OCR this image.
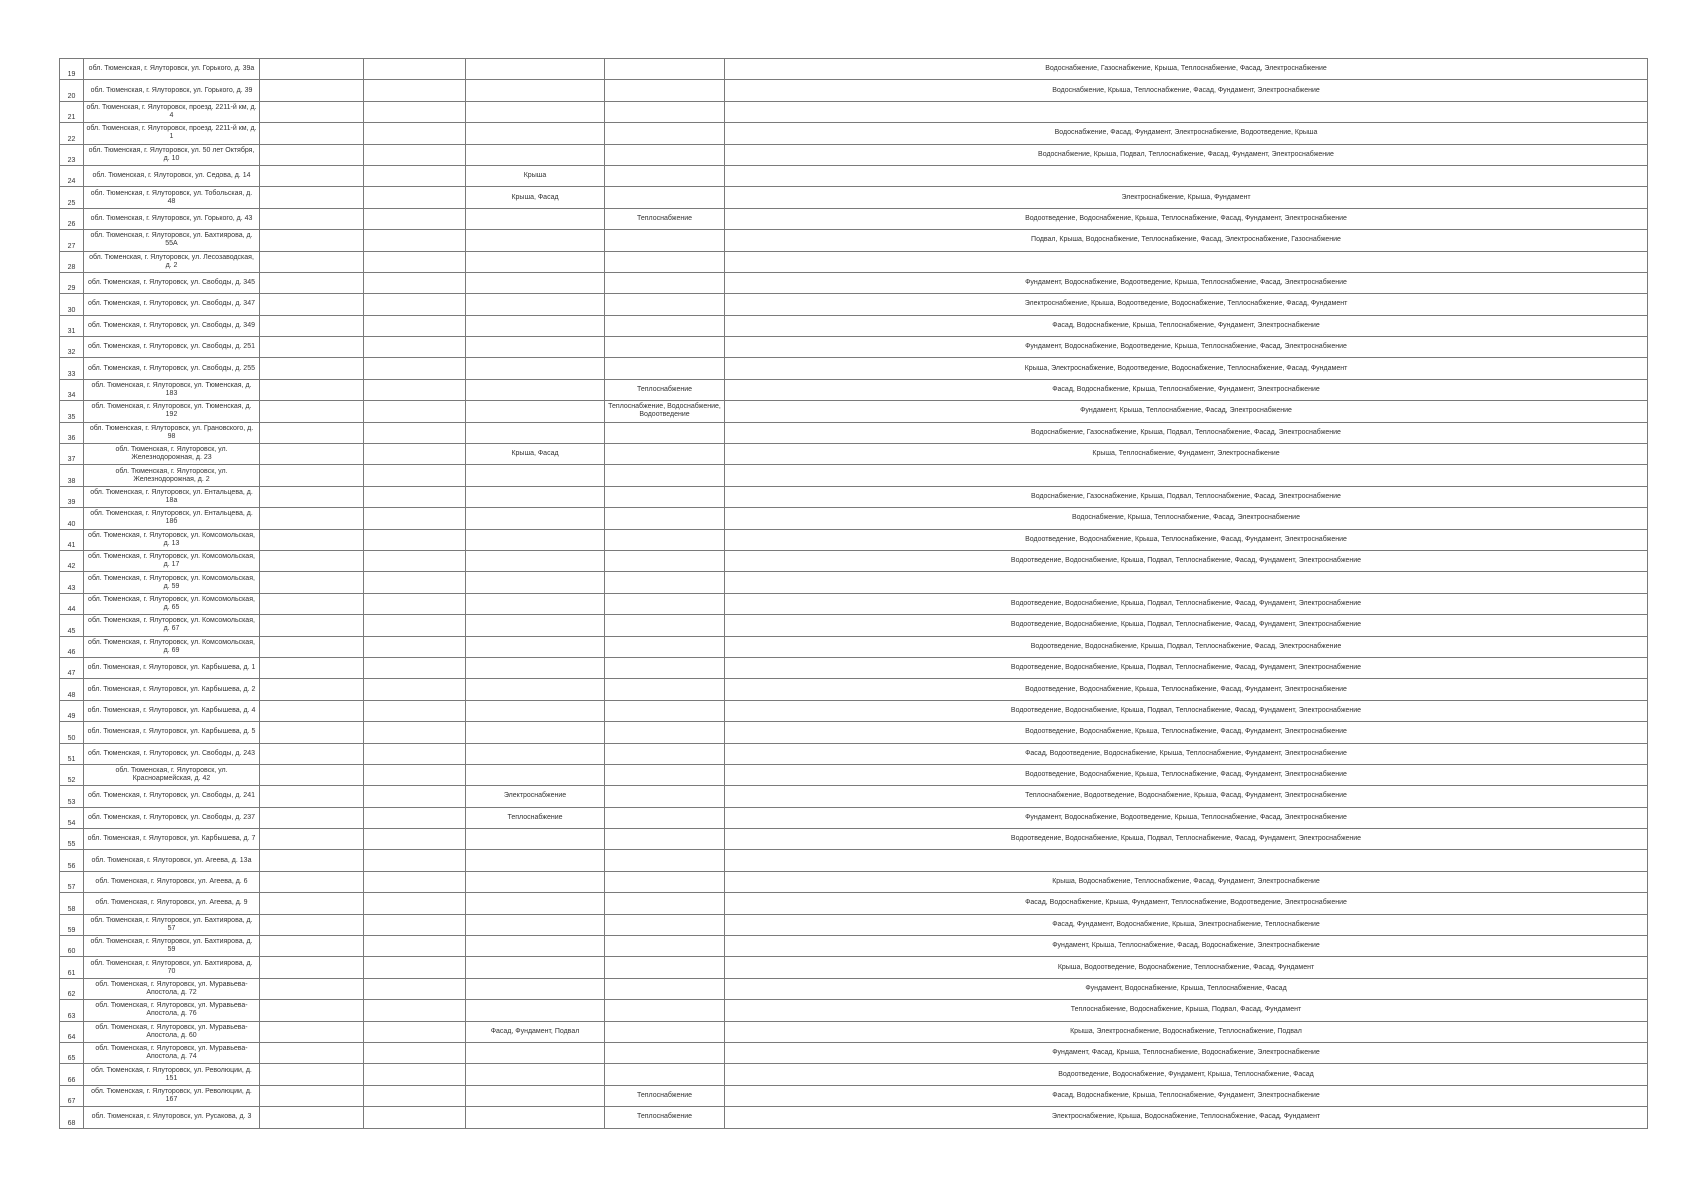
19	обл. Тюменская, г. Ялуторовск, ул. Горького, д. 39а					Водоснабжение, Газоснабжение, Крыша, Теплоснабжение, Фасад, Электроснабжение
20	обл. Тюменская, г. Ялуторовск, ул. Горького, д. 39					Водоснабжение, Крыша, Теплоснабжение, Фасад, Фундамент, Электроснабжение
21	обл. Тюменская, г. Ялуторовск, проезд. 2211-й км, д. 4					
22	обл. Тюменская, г. Ялуторовск, проезд. 2211-й км, д. 1					Водоснабжение, Фасад, Фундамент, Электроснабжение, Водоотведение, Крыша
23	обл. Тюменская, г. Ялуторовск, ул. 50 лет Октября, д. 10					Водоснабжение, Крыша, Подвал, Теплоснабжение, Фасад, Фундамент, Электроснабжение
24	обл. Тюменская, г. Ялуторовск, ул. Седова, д. 14			Крыша		
25	обл. Тюменская, г. Ялуторовск, ул. Тобольская, д. 48			Крыша, Фасад		Электроснабжение, Крыша, Фундамент
26	обл. Тюменская, г. Ялуторовск, ул. Горького, д. 43				Теплоснабжение	Водоотведение, Водоснабжение, Крыша, Теплоснабжение, Фасад, Фундамент, Электроснабжение
27	обл. Тюменская, г. Ялуторовск, ул. Бахтиярова, д. 55А					Подвал, Крыша, Водоснабжение, Теплоснабжение, Фасад, Электроснабжение, Газоснабжение
28	обл. Тюменская, г. Ялуторовск, ул. Лесозаводская, д. 2					
29	обл. Тюменская, г. Ялуторовск, ул. Свободы, д. 345					Фундамент, Водоснабжение, Водоотведение, Крыша, Теплоснабжение, Фасад, Электроснабжение
30	обл. Тюменская, г. Ялуторовск, ул. Свободы, д. 347					Электроснабжение, Крыша, Водоотведение, Водоснабжение, Теплоснабжение, Фасад, Фундамент
31	обл. Тюменская, г. Ялуторовск, ул. Свободы, д. 349					Фасад, Водоснабжение, Крыша, Теплоснабжение, Фундамент, Электроснабжение
32	обл. Тюменская, г. Ялуторовск, ул. Свободы, д. 251					Фундамент, Водоснабжение, Водоотведение, Крыша, Теплоснабжение, Фасад, Электроснабжение
33	обл. Тюменская, г. Ялуторовск, ул. Свободы, д. 255					Крыша, Электроснабжение, Водоотведение, Водоснабжение, Теплоснабжение, Фасад, Фундамент
34	обл. Тюменская, г. Ялуторовск, ул. Тюменская, д. 183				Теплоснабжение	Фасад, Водоснабжение, Крыша, Теплоснабжение, Фундамент, Электроснабжение
35	обл. Тюменская, г. Ялуторовск, ул. Тюменская, д. 192				Теплоснабжение, Водоснабжение, Водоотведение	Фундамент, Крыша, Теплоснабжение, Фасад, Электроснабжение
36	обл. Тюменская, г. Ялуторовск, ул. Грановского, д. 98					Водоснабжение, Газоснабжение, Крыша, Подвал, Теплоснабжение, Фасад, Электроснабжение
37	обл. Тюменская, г. Ялуторовск, ул. Железнодорожная, д. 23			Крыша, Фасад		Крыша, Теплоснабжение, Фундамент, Электроснабжение
38	обл. Тюменская, г. Ялуторовск, ул. Железнодорожная, д. 2					
39	обл. Тюменская, г. Ялуторовск, ул. Ентальцева, д. 18а					Водоснабжение, Газоснабжение, Крыша, Подвал, Теплоснабжение, Фасад, Электроснабжение
40	обл. Тюменская, г. Ялуторовск, ул. Ентальцева, д. 18б					Водоснабжение, Крыша, Теплоснабжение, Фасад, Электроснабжение
41	обл. Тюменская, г. Ялуторовск, ул. Комсомольская, д. 13					Водоотведение, Водоснабжение, Крыша, Теплоснабжение, Фасад, Фундамент, Электроснабжение
42	обл. Тюменская, г. Ялуторовск, ул. Комсомольская, д. 17					Водоотведение, Водоснабжение, Крыша, Подвал, Теплоснабжение, Фасад, Фундамент, Электроснабжение
43	обл. Тюменская, г. Ялуторовск, ул. Комсомольская, д. 59					
44	обл. Тюменская, г. Ялуторовск, ул. Комсомольская, д. 65					Водоотведение, Водоснабжение, Крыша, Подвал, Теплоснабжение, Фасад, Фундамент, Электроснабжение
45	обл. Тюменская, г. Ялуторовск, ул. Комсомольская, д. 67					Водоотведение, Водоснабжение, Крыша, Подвал, Теплоснабжение, Фасад, Фундамент, Электроснабжение
46	обл. Тюменская, г. Ялуторовск, ул. Комсомольская, д. 69					Водоотведение, Водоснабжение, Крыша, Подвал, Теплоснабжение, Фасад, Электроснабжение
47	обл. Тюменская, г. Ялуторовск, ул. Карбышева, д. 1					Водоотведение, Водоснабжение, Крыша, Подвал, Теплоснабжение, Фасад, Фундамент, Электроснабжение
48	обл. Тюменская, г. Ялуторовск, ул. Карбышева, д. 2					Водоотведение, Водоснабжение, Крыша, Теплоснабжение, Фасад, Фундамент, Электроснабжение
49	обл. Тюменская, г. Ялуторовск, ул. Карбышева, д. 4					Водоотведение, Водоснабжение, Крыша, Подвал, Теплоснабжение, Фасад, Фундамент, Электроснабжение
50	обл. Тюменская, г. Ялуторовск, ул. Карбышева, д. 5					Водоотведение, Водоснабжение, Крыша, Теплоснабжение, Фасад, Фундамент, Электроснабжение
51	обл. Тюменская, г. Ялуторовск, ул. Свободы, д. 243					Фасад, Водоотведение, Водоснабжение, Крыша, Теплоснабжение, Фундамент, Электроснабжение
52	обл. Тюменская, г. Ялуторовск, ул. Красноармейская, д. 42					Водоотведение, Водоснабжение, Крыша, Теплоснабжение, Фасад, Фундамент, Электроснабжение
53	обл. Тюменская, г. Ялуторовск, ул. Свободы, д. 241			Электроснабжение		Теплоснабжение, Водоотведение, Водоснабжение, Крыша, Фасад, Фундамент, Электроснабжение
54	обл. Тюменская, г. Ялуторовск, ул. Свободы, д. 237			Теплоснабжение		Фундамент, Водоснабжение, Водоотведение, Крыша, Теплоснабжение, Фасад, Электроснабжение
55	обл. Тюменская, г. Ялуторовск, ул. Карбышева, д. 7					Водоотведение, Водоснабжение, Крыша, Подвал, Теплоснабжение, Фасад, Фундамент, Электроснабжение
56	обл. Тюменская, г. Ялуторовск, ул. Агеева, д. 13а					
57	обл. Тюменская, г. Ялуторовск, ул. Агеева, д. 6					Крыша, Водоснабжение, Теплоснабжение, Фасад, Фундамент, Электроснабжение
58	обл. Тюменская, г. Ялуторовск, ул. Агеева, д. 9					Фасад, Водоснабжение, Крыша, Фундамент, Теплоснабжение, Водоотведение, Электроснабжение
59	обл. Тюменская, г. Ялуторовск, ул. Бахтиярова, д. 57					Фасад, Фундамент, Водоснабжение, Крыша, Электроснабжение, Теплоснабжение
60	обл. Тюменская, г. Ялуторовск, ул. Бахтиярова, д. 59					Фундамент, Крыша, Теплоснабжение, Фасад, Водоснабжение, Электроснабжение
61	обл. Тюменская, г. Ялуторовск, ул. Бахтиярова, д. 70					Крыша, Водоотведение, Водоснабжение, Теплоснабжение, Фасад, Фундамент
62	обл. Тюменская, г. Ялуторовск, ул. Муравьева-Апостола, д. 72					Фундамент, Водоснабжение, Крыша, Теплоснабжение, Фасад
63	обл. Тюменская, г. Ялуторовск, ул. Муравьева-Апостола, д. 76					Теплоснабжение, Водоснабжение, Крыша, Подвал, Фасад, Фундамент
64	обл. Тюменская, г. Ялуторовск, ул. Муравьева-Апостола, д. 60			Фасад, Фундамент, Подвал		Крыша, Электроснабжение, Водоснабжение, Теплоснабжение, Подвал
65	обл. Тюменская, г. Ялуторовск, ул. Муравьева-Апостола, д. 74					Фундамент, Фасад, Крыша, Теплоснабжение, Водоснабжение, Электроснабжение
66	обл. Тюменская, г. Ялуторовск, ул. Революции, д. 151					Водоотведение, Водоснабжение, Фундамент, Крыша, Теплоснабжение, Фасад
67	обл. Тюменская, г. Ялуторовск, ул. Революции, д. 167				Теплоснабжение	Фасад, Водоснабжение, Крыша, Теплоснабжение, Фундамент, Электроснабжение
68	обл. Тюменская, г. Ялуторовск, ул. Русакова, д. 3				Теплоснабжение	Электроснабжение, Крыша, Водоснабжение, Теплоснабжение, Фасад, Фундамент
